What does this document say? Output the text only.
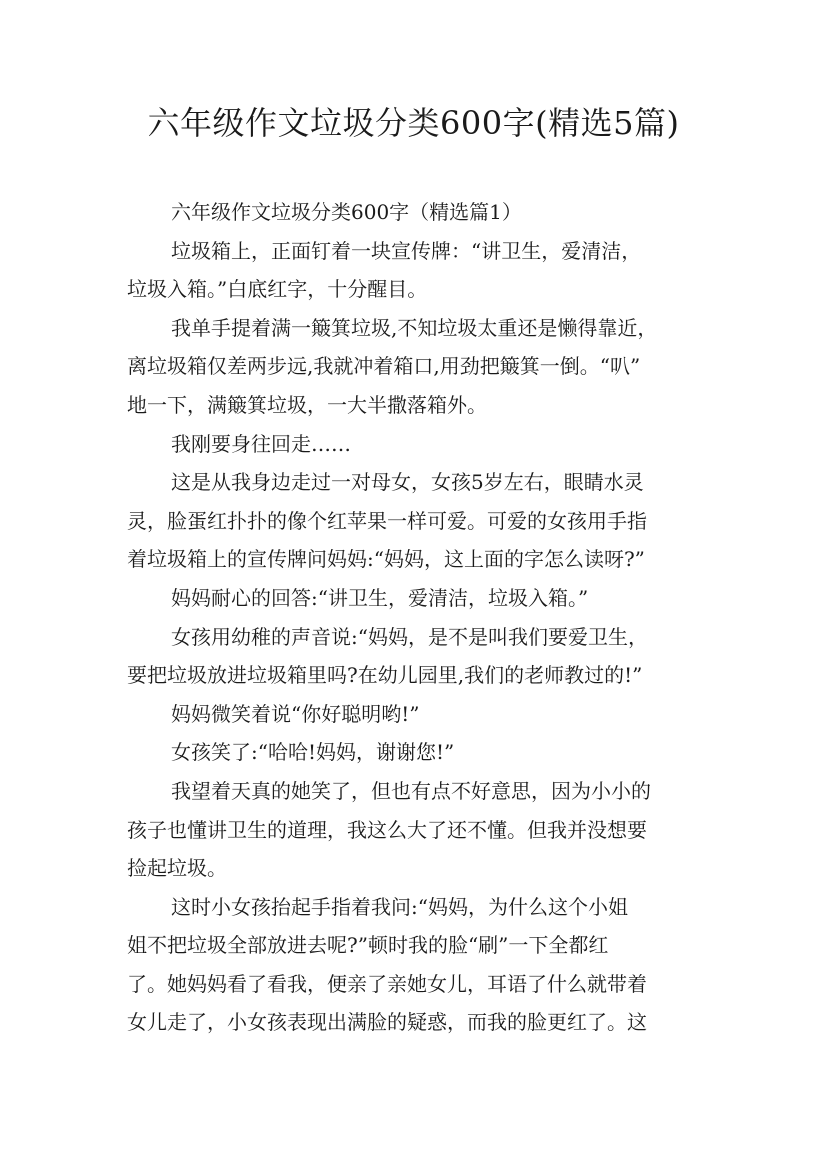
六年级作文垃圾分类600字(精选5篇)

六年级作文垃圾分类600字（精选篇1）

垃圾箱上，正面钉着一块宣传牌：“讲卫生，爱清洁，

垃圾入箱。”白底红字，十分醒目。

我单手提着满一簸箕垃圾,不知垃圾太重还是懒得靠近，

离垃圾箱仅差两步远,我就冲着箱口,用劲把簸箕一倒。“叭”

地一下，满簸箕垃圾，一大半撒落箱外。

我刚要身往回走……

这是从我身边走过一对母女，女孩5岁左右，眼睛水灵

灵，脸蛋红扑扑的像个红苹果一样可爱。可爱的女孩用手指

着垃圾箱上的宣传牌问妈妈:“妈妈，这上面的字怎么读呀?”

妈妈耐心的回答:“讲卫生，爱清洁，垃圾入箱。”

女孩用幼稚的声音说:“妈妈，是不是叫我们要爱卫生，

要把垃圾放进垃圾箱里吗?在幼儿园里,我们的老师教过的!”

妈妈微笑着说“你好聪明哟!”

女孩笑了:“哈哈!妈妈，谢谢您!”

我望着天真的她笑了，但也有点不好意思，因为小小的

孩子也懂讲卫生的道理，我这么大了还不懂。但我并没想要

捡起垃圾。

这时小女孩抬起手指着我问:“妈妈，为什么这个小姐

姐不把垃圾全部放进去呢?”顿时我的脸“刷”一下全都红

了。她妈妈看了看我，便亲了亲她女儿，耳语了什么就带着

女儿走了，小女孩表现出满脸的疑惑，而我的脸更红了。这
